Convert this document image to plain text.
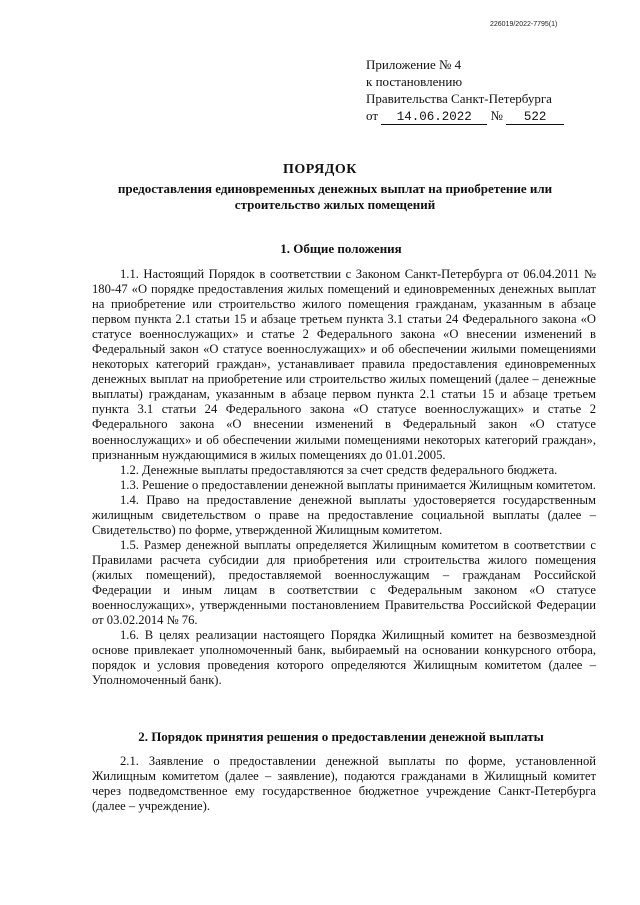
226019/2022-7795(1)
Приложение № 4
к постановлению
Правительства Санкт-Петербурга
от 14.06.2022 № 522
ПОРЯДОК
предоставления единовременных денежных выплат на приобретение или строительство жилых помещений
1. Общие положения

1.1. Настоящий Порядок в соответствии с Законом Санкт-Петербурга от 06.04.2011 № 180-47 «О порядке предоставления жилых помещений и единовременных денежных выплат на приобретение или строительство жилого помещения гражданам, указанным в абзаце первом пункта 2.1 статьи 15 и абзаце третьем пункта 3.1 статьи 24 Федерального закона «О статусе военнослужащих» и статье 2 Федерального закона «О внесении изменений в Федеральный закон «О статусе военнослужащих» и об обеспечении жилыми помещениями некоторых категорий граждан», устанавливает правила предоставления единовременных денежных выплат на приобретение или строительство жилых помещений (далее – денежные выплаты) гражданам, указанным в абзаце первом пункта 2.1 статьи 15 и абзаце третьем пункта 3.1 статьи 24 Федерального закона «О статусе военнослужащих» и статье 2 Федерального закона «О внесении изменений в Федеральный закон «О статусе военнослужащих» и об обеспечении жилыми помещениями некоторых категорий граждан», признанным нуждающимися в жилых помещениях до 01.01.2005.

1.2. Денежные выплаты предоставляются за счет средств федерального бюджета.

1.3. Решение о предоставлении денежной выплаты принимается Жилищным комитетом.

1.4. Право на предоставление денежной выплаты удостоверяется государственным жилищным свидетельством о праве на предоставление социальной выплаты (далее – Свидетельство) по форме, утвержденной Жилищным комитетом.

1.5. Размер денежной выплаты определяется Жилищным комитетом в соответствии с Правилами расчета субсидии для приобретения или строительства жилого помещения (жилых помещений), предоставляемой военнослужащим – гражданам Российской Федерации и иным лицам в соответствии с Федеральным законом «О статусе военнослужащих», утвержденными постановлением Правительства Российской Федерации от 03.02.2014 № 76.

1.6. В целях реализации настоящего Порядка Жилищный комитет на безвозмездной основе привлекает уполномоченный банк, выбираемый на основании конкурсного отбора, порядок и условия проведения которого определяются Жилищным комитетом (далее – Уполномоченный банк).

2. Порядок принятия решения о предоставлении денежной выплаты

2.1. Заявление о предоставлении денежной выплаты по форме, установленной Жилищным комитетом (далее – заявление), подаются гражданами в Жилищный комитет через подведомственное ему государственное бюджетное учреждение Санкт-Петербурга (далее – учреждение).
